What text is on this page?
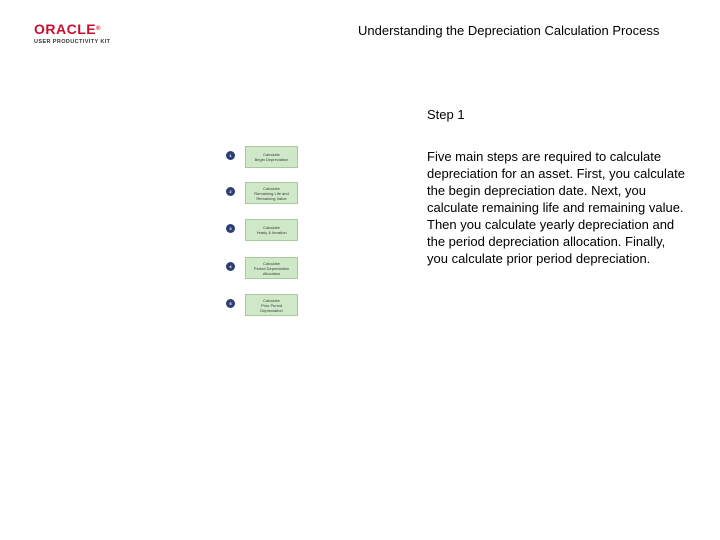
ORACLE®
USER PRODUCTIVITY KIT
Understanding the Depreciation Calculation Process
1	Calculate
Begin Depreciation
2
Calculate
Remaining Life and
Remaining Value
3	Calculate
Yearly & Iteration
4
Calculate
Period Depreciation
Allocation
5
Calculate
Prior Period
Depreciation
Step 1
Five main steps are required to calculate depreciation for an asset. First, you calculate the begin depreciation date. Next, you calculate remaining life and remaining value. Then you calculate yearly depreciation and the period depreciation allocation. Finally, you calculate prior period depreciation.
